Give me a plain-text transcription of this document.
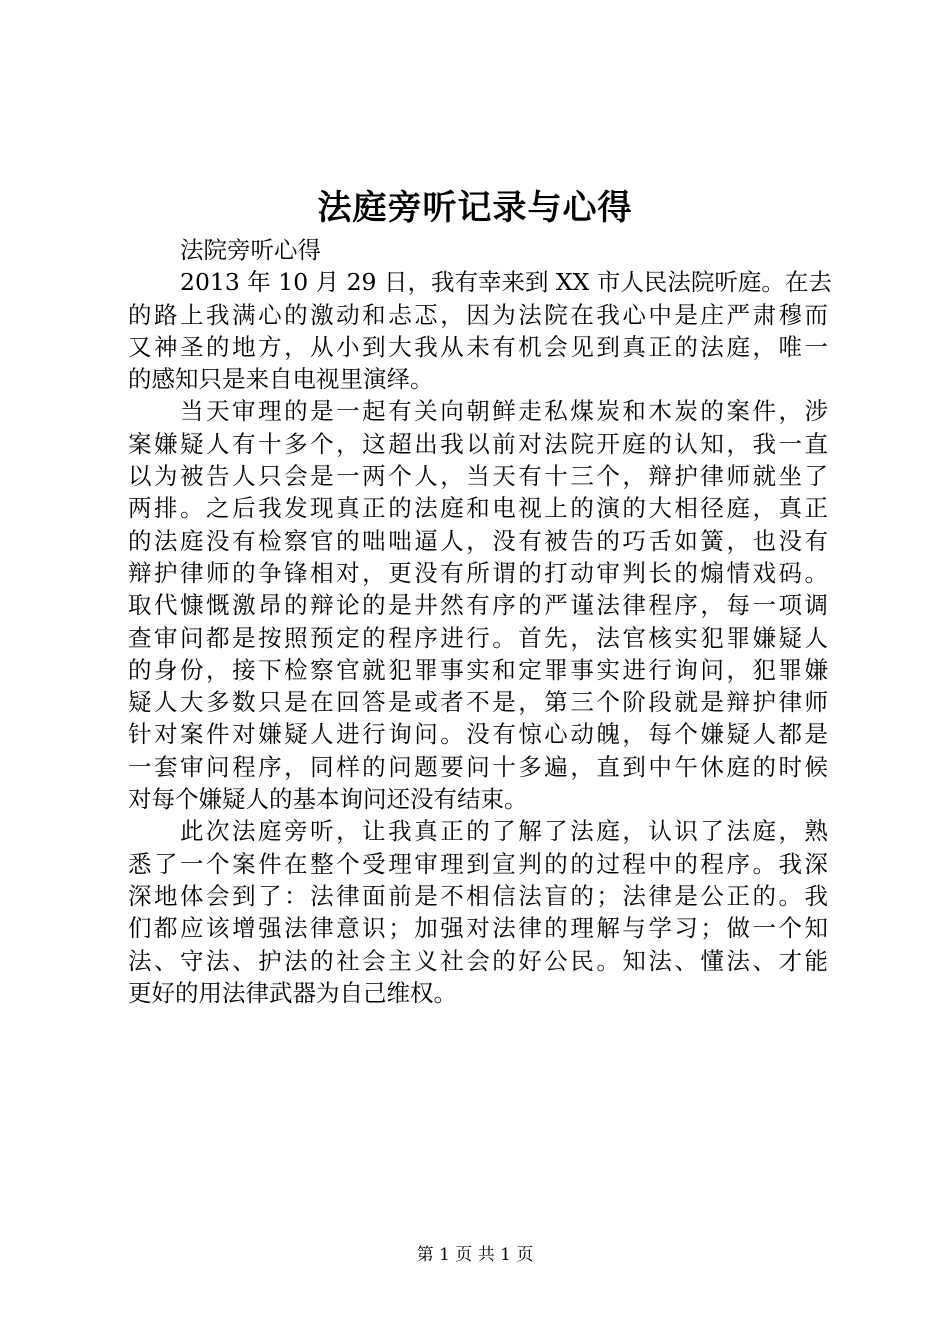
法庭旁听记录与心得
法院旁听心得
2013 年 10 月 29 日，我有幸来到 XX 市人民法院听庭。在去
的路上我满心的激动和忐忑，因为法院在我心中是庄严肃穆而
又神圣的地方，从小到大我从未有机会见到真正的法庭，唯一
的感知只是来自电视里演绎。
当天审理的是一起有关向朝鲜走私煤炭和木炭的案件，涉
案嫌疑人有十多个，这超出我以前对法院开庭的认知，我一直
以为被告人只会是一两个人，当天有十三个，辩护律师就坐了
两排。之后我发现真正的法庭和电视上的演的大相径庭，真正
的法庭没有检察官的咄咄逼人，没有被告的巧舌如簧，也没有
辩护律师的争锋相对，更没有所谓的打动审判长的煽情戏码。
取代慷慨激昂的辩论的是井然有序的严谨法律程序，每一项调
查审问都是按照预定的程序进行。首先，法官核实犯罪嫌疑人
的身份，接下检察官就犯罪事实和定罪事实进行询问，犯罪嫌
疑人大多数只是在回答是或者不是，第三个阶段就是辩护律师
针对案件对嫌疑人进行询问。没有惊心动魄，每个嫌疑人都是
一套审问程序，同样的问题要问十多遍，直到中午休庭的时候
对每个嫌疑人的基本询问还没有结束。
此次法庭旁听，让我真正的了解了法庭，认识了法庭，熟
悉了一个案件在整个受理审理到宣判的的过程中的程序。我深
深地体会到了：法律面前是不相信法盲的；法律是公正的。我
们都应该增强法律意识；加强对法律的理解与学习；做一个知
法、守法、护法的社会主义社会的好公民。知法、懂法、才能
更好的用法律武器为自己维权。
第 1 页 共 1 页
